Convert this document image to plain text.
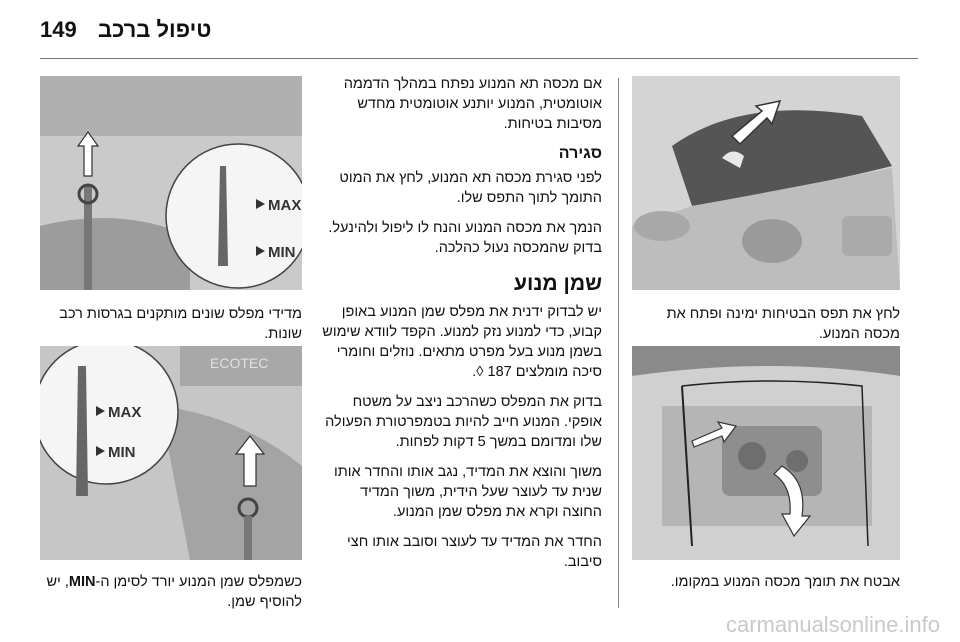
149 טיפול ברכב
לחץ את תפס הבטיחות ימינה ופתח את מכסה המנוע.
אבטח את תומך מכסה המנוע במקומו.

אם מכסה תא המנוע נפתח במהלך הדממה אוטומטית, המנוע יותנע אוטומטית מחדש מסיבות בטיחות.

סגירה

לפני סגירת מכסה תא המנוע, לחץ את המוט התומך לתוך התפס שלו.

הנמך את מכסה המנוע והנח לו ליפול ולהינעל. בדוק שהמכסה נעול כהלכה.

שמן מנוע

יש לבדוק ידנית את מפלס שמן המנוע באופן קבוע, כדי למנוע נזק למנוע. הקפד לוודא שימוש בשמן מנוע בעל מפרט מתאים. נוזלים וחומרי סיכה מומלצים 187 ◊.

בדוק את המפלס כשהרכב ניצב על משטח אופקי. המנוע חייב להיות בטמפרטורת הפעולה שלו ומדומם במשך 5 דקות לפחות.

משוך והוצא את המדיד, נגב אותו והחדר אותו שנית עד לעוצר שעל הידית, משוך המדיד החוצה וקרא את מפלס שמן המנוע.

החדר את המדיד עד לעוצר וסובב אותו חצי סיבוב.

MAX
MIN
מדידי מפלס שונים מותקנים בגרסות רכב שונות.
ECOTEC
MAX
MIN
כשמפלס שמן המנוע יורד לסימן ה-MIN, יש להוסיף שמן.
carmanualsonline.info
